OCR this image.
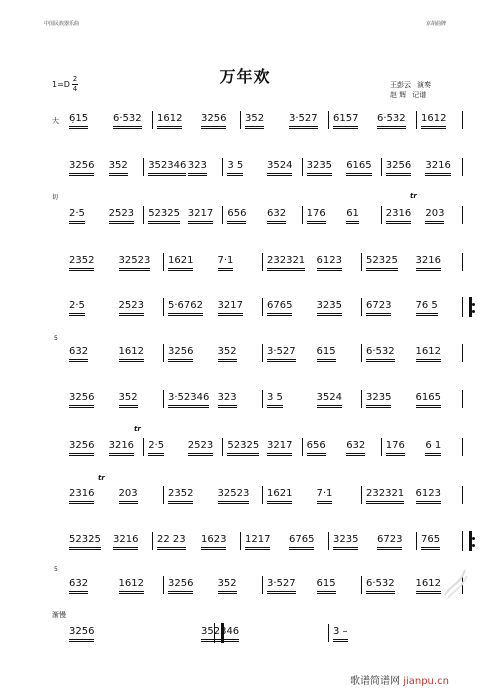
中国民族器乐曲	京胡曲牌
万年欢
$1=D \frac{2}{4}$	王彭云 演奏
赵 辉 记谱
大
切	tr
5
tr
tr
5
渐慢
6̣15 6·532 1612 3256 352 3·527 6157 6·532 1612
3256 352 352346 323 3 5 3524 3235 6165 3256 3216
2·5 2523 52325 3217 656 632 176 61	2316 203
2352 32523 1621 7·1	232321 6123 52325 3216
2·5	2523 5·6762 3217 6765 3235 6723 76 5
632	1612 3256 352	3·527 615	6·532 1612
3256 352	3·52346 323	3 5	3524 3235 6165
3256 3216 2·5 2523 52325 3217 656 632 176 6 1
2316 203	2352 32523 1621 7·1	232321 6123
52325 3216 22 23 1623 1217 6765 3235 6723 765
632	1612 3256 352	3·527 615	6·532 1612
3256	352346	3 –
歌谱简谱网 jianpu.cn
